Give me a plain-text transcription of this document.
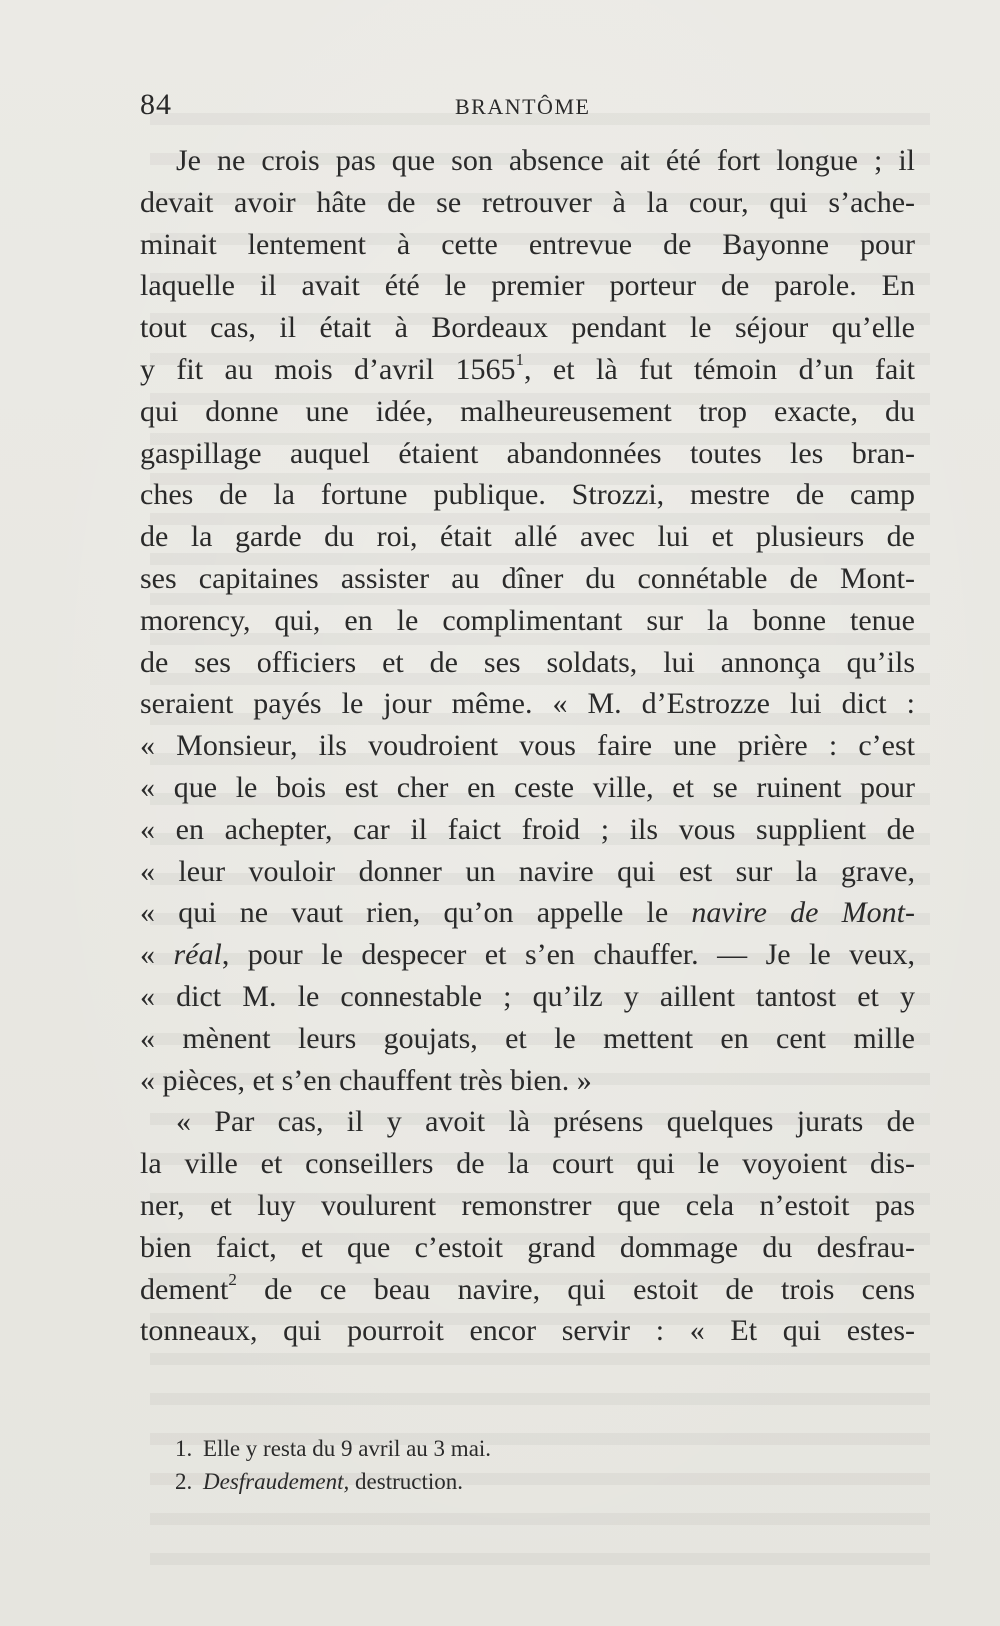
84	BRANTÔME
Je ne crois pas que son absence ait été fort longue ; il
devait avoir hâte de se retrouver à la cour, qui s’ache-
minait lentement à cette entrevue de Bayonne pour
laquelle il avait été le premier porteur de parole. En
tout cas, il était à Bordeaux pendant le séjour qu’elle
y fit au mois d’avril 1565$^1$, et là fut témoin d’un fait
qui donne une idée, malheureusement trop exacte, du
gaspillage auquel étaient abandonnées toutes les bran-
ches de la fortune publique. Strozzi, mestre de camp
de la garde du roi, était allé avec lui et plusieurs de
ses capitaines assister au dîner du connétable de Mont-
morency, qui, en le complimentant sur la bonne tenue
de ses officiers et de ses soldats, lui annonça qu’ils
seraient payés le jour même. « M. d’Estrozze lui dict :
« Monsieur, ils voudroient vous faire une prière : c’est
« que le bois est cher en ceste ville, et se ruinent pour
« en achepter, car il faict froid ; ils vous supplient de
« leur vouloir donner un navire qui est sur la grave,
« qui ne vaut rien, qu’on appelle le navire de Mont-
« réal, pour le despecer et s’en chauffer. — Je le veux,
« dict M. le connestable ; qu’ilz y aillent tantost et y
« mènent leurs goujats, et le mettent en cent mille
« pièces, et s’en chauffent très bien. »
« Par cas, il y avoit là présens quelques jurats de
la ville et conseillers de la court qui le voyoient dis-
ner, et luy voulurent remonstrer que cela n’estoit pas
bien faict, et que c’estoit grand dommage du desfrau-
dement$^2$ de ce beau navire, qui estoit de trois cens
tonneaux, qui pourroit encor servir : « Et qui estes-
1. Elle y resta du 9 avril au 3 mai.
2. Desfraudement, destruction.
